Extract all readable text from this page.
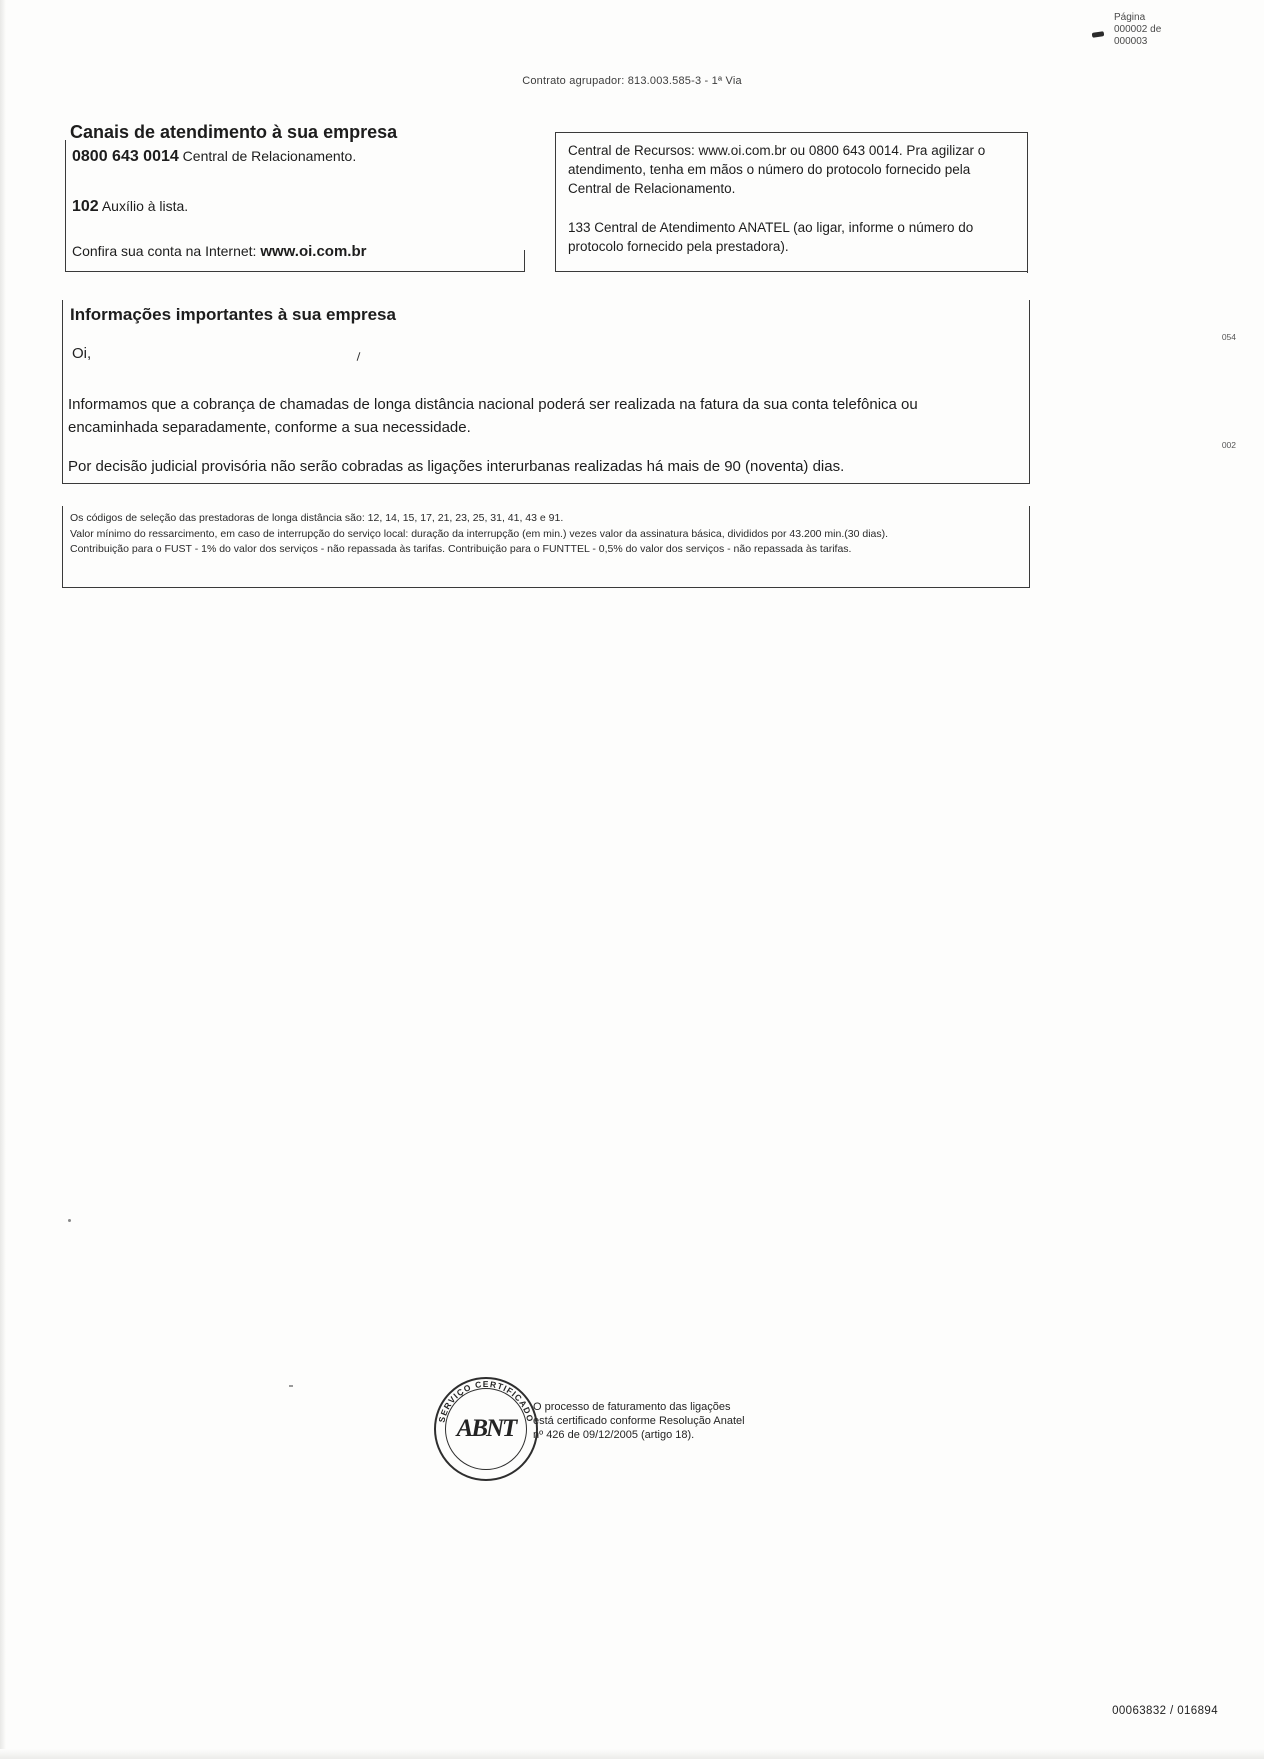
Página
000002 de
000003
Contrato agrupador: 813.003.585-3 - 1ª Via
Canais de atendimento à sua empresa
0800 643 0014 Central de Relacionamento.
102 Auxílio à lista.
Confira sua conta na Internet: www.oi.com.br
Central de Recursos: www.oi.com.br ou 0800 643 0014. Pra agilizar o atendimento, tenha em mãos o número do protocolo fornecido pela Central de Relacionamento.
133 Central de Atendimento ANATEL (ao ligar, informe o número do protocolo fornecido pela prestadora).
Informações importantes à sua empresa
Oi,
054
Informamos que a cobrança de chamadas de longa distância nacional poderá ser realizada na fatura da sua conta telefônica ou encaminhada separadamente, conforme a sua necessidade.
002
Por decisão judicial provisória não serão cobradas as ligações interurbanas realizadas há mais de 90 (noventa) dias.
Os códigos de seleção das prestadoras de longa distância são: 12, 14, 15, 17, 21, 23, 25, 31, 41, 43 e 91.
Valor mínimo do ressarcimento, em caso de interrupção do serviço local: duração da interrupção (em min.) vezes valor da assinatura básica, divididos por 43.200 min.(30 dias).
Contribuição para o FUST - 1% do valor dos serviços - não repassada às tarifas. Contribuição para o FUNTTEL - 0,5% do valor dos serviços - não repassada às tarifas.
SERVIÇO CERTIFICADO
ABNT
O processo de faturamento das ligações está certificado conforme Resolução Anatel nº 426 de 09/12/2005 (artigo 18).
00063832 / 016894
